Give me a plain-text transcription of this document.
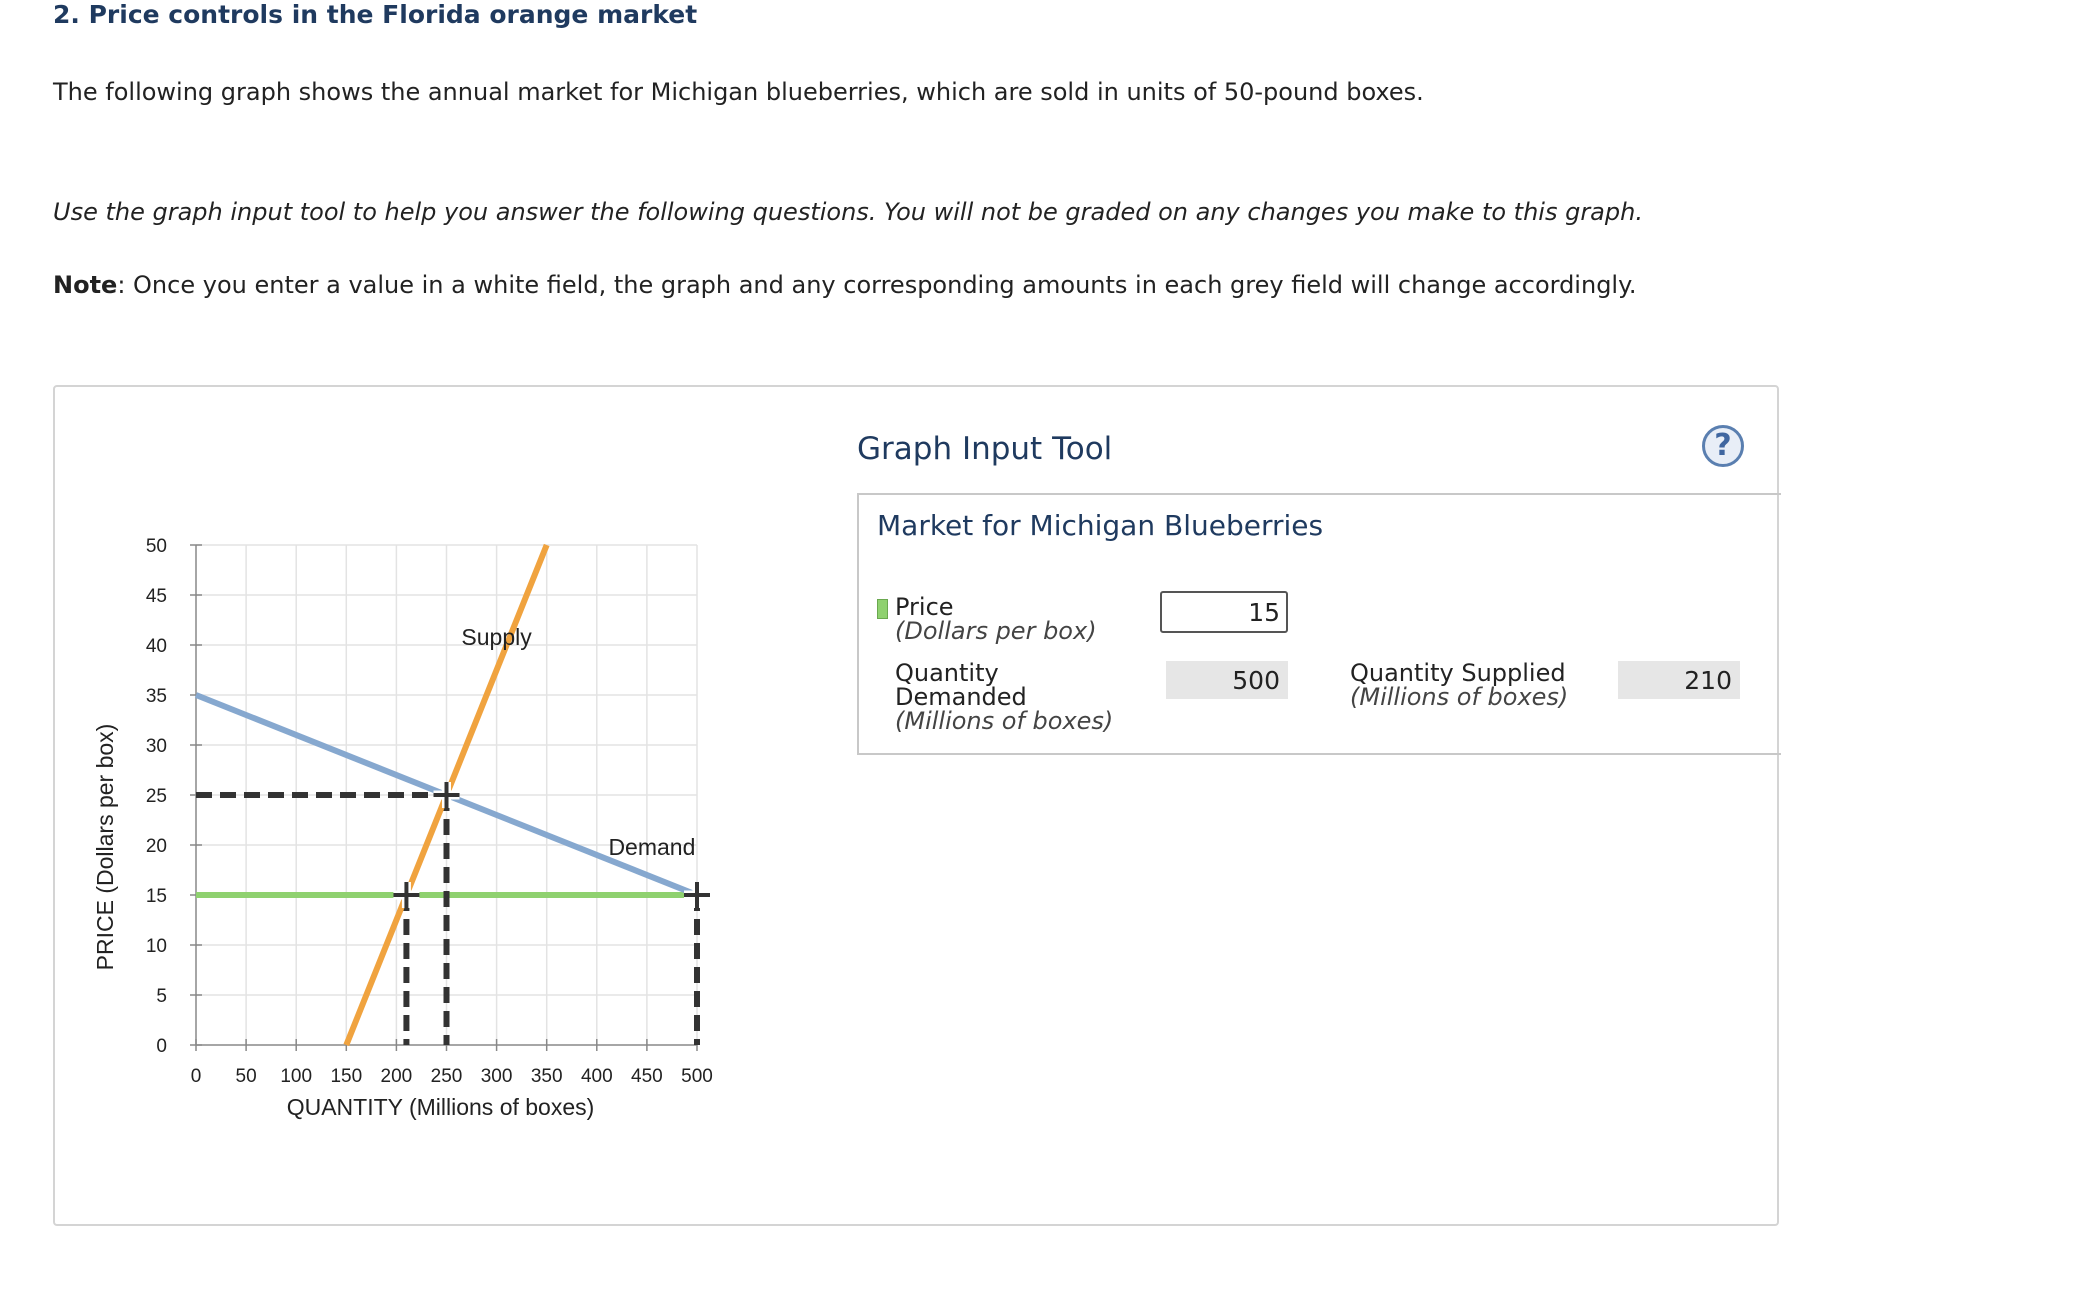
2. Price controls in the Florida orange market

The following graph shows the annual market for Michigan blueberries, which are sold in units of 50-pound boxes.

Use the graph input tool to help you answer the following questions. You will not be graded on any changes you make to this graph.

Note: Once you enter a value in a white field, the graph and any corresponding amounts in each grey field will change accordingly.

0 50 100 150 200 250 300 350 400 450 500
0
5
10
15
20
25
30
35
40
45
50
QUANTITY (Millions of boxes)
PRICE (Dollars per box)
Supply
Demand
Graph Input Tool	?
Market for Michigan Blueberries
Price
(Dollars per box)
15
Quantity
Demanded
(Millions of boxes)
500	Quantity Supplied
(Millions of boxes)
210
